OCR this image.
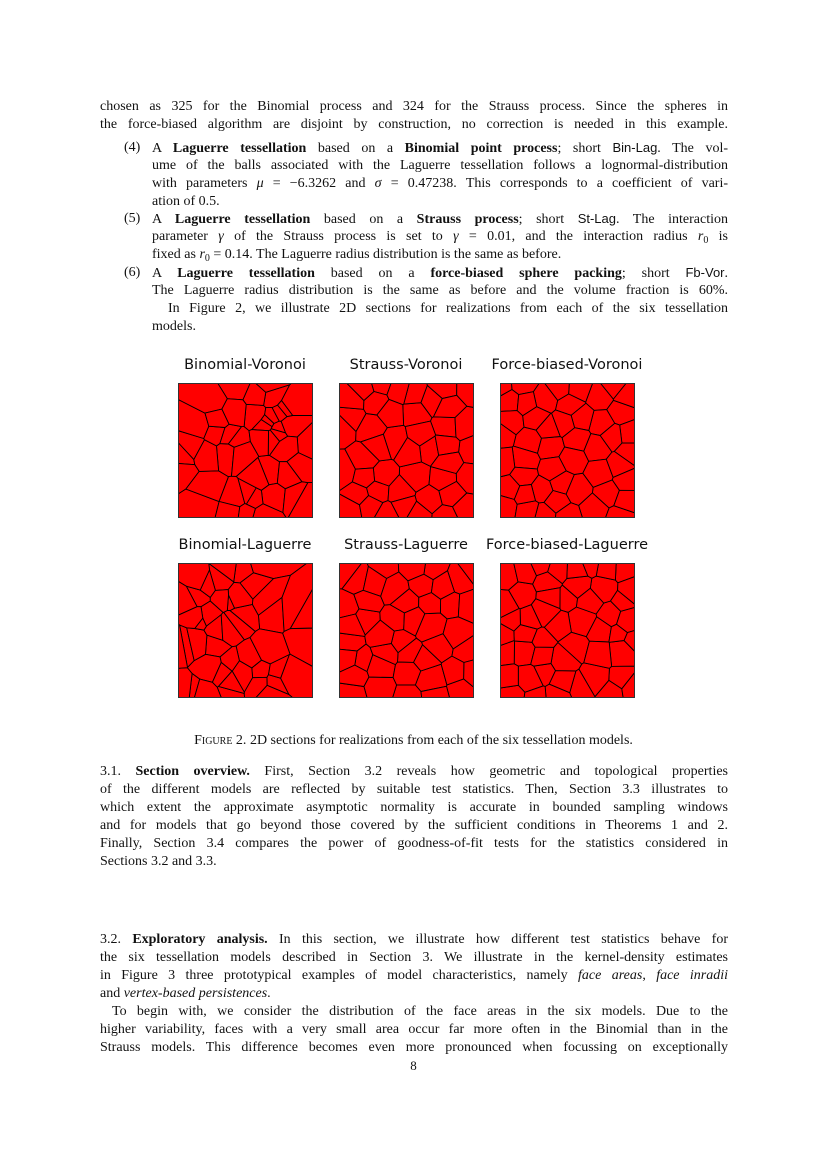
chosen as 325 for the Binomial process and 324 for the Strauss process. Since the spheres in
the force-biased algorithm are disjoint by construction, no correction is needed in this example.
A Laguerre tessellation based on a Binomial point process; short Bin-Lag. The vol-
(4)
ume of the balls associated with the Laguerre tessellation follows a lognormal-distribution
with parameters μ = −6.3262 and σ = 0.47238. This corresponds to a coefficient of vari-
ation of 0.5.
A Laguerre tessellation based on a Strauss process; short St-Lag. The interaction
(5)
parameter γ of the Strauss process is set to γ = 0.01, and the interaction radius $r_0$ is
fixed as $r_0 = 0.14$. The Laguerre radius distribution is the same as before.
A Laguerre tessellation based on a force-biased sphere packing; short Fb-Vor.
(6)
The Laguerre radius distribution is the same as before and the volume fraction is 60%.
In Figure 2, we illustrate 2D sections for realizations from each of the six tessellation
models.
3.1. Section overview. First, Section 3.2 reveals how geometric and topological properties
of the different models are reflected by suitable test statistics. Then, Section 3.3 illustrates to
which extent the approximate asymptotic normality is accurate in bounded sampling windows
and for models that go beyond those covered by the sufficient conditions in Theorems 1 and 2.
Finally, Section 3.4 compares the power of goodness-of-fit tests for the statistics considered in
Sections 3.2 and 3.3.
3.2. Exploratory analysis. In this section, we illustrate how different test statistics behave for
the six tessellation models described in Section 3. We illustrate in the kernel-density estimates
in Figure 3 three prototypical examples of model characteristics, namely face areas, face inradii
and vertex-based persistences.
To begin with, we consider the distribution of the face areas in the six models. Due to the
higher variability, faces with a very small area occur far more often in the Binomial than in the
Strauss models. This difference becomes even more pronounced when focussing on exceptionally
Binomial-Voronoi	Strauss-Voronoi	Force-biased-Voronoi
Binomial-Laguerre	Strauss-Laguerre	Force-biased-Laguerre
Figure 2. 2D sections for realizations from each of the six tessellation models.
8
